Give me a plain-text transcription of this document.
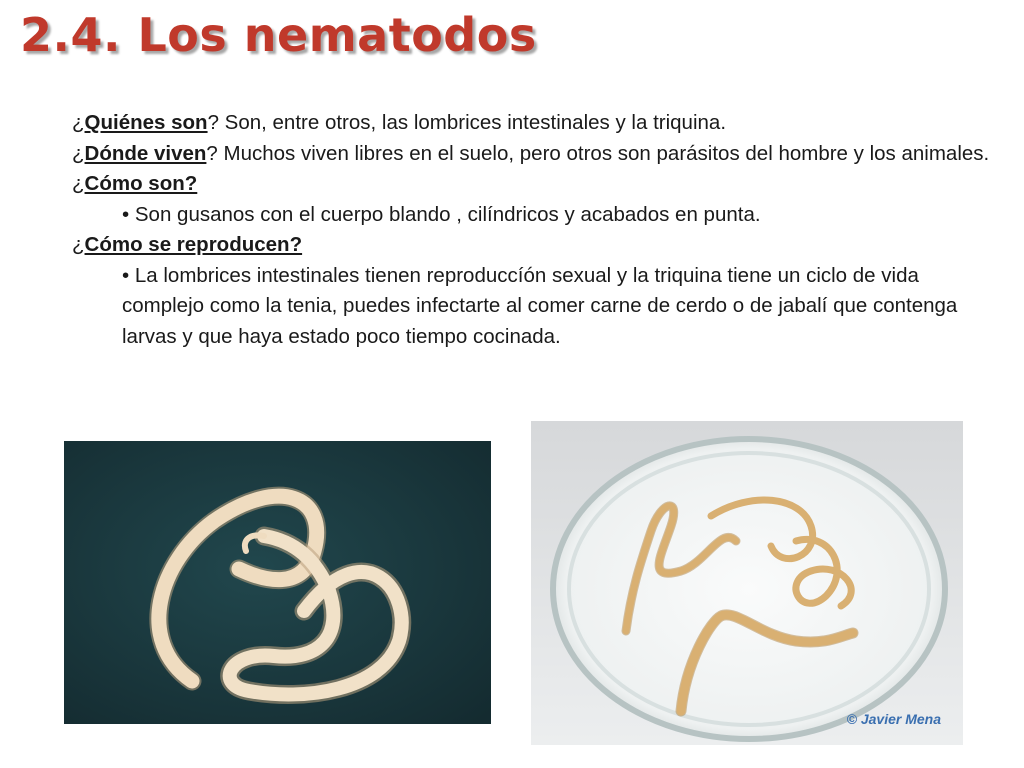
2.4. Los nematodos

¿Quiénes son? Son, entre otros, las lombrices intestinales y la triquina.

¿Dónde viven? Muchos viven libres en el suelo, pero otros son parásitos del hombre y los animales.

¿Cómo son?

• Son gusanos con el cuerpo blando , cilíndricos y acabados en punta.

¿Cómo se reproducen?

• La lombrices intestinales tienen reproduccíón sexual y la triquina tiene un ciclo de vida complejo como la tenia, puedes infectarte al comer carne de cerdo o de jabalí que contenga larvas y que haya estado poco tiempo cocinada.

© Javier Mena
